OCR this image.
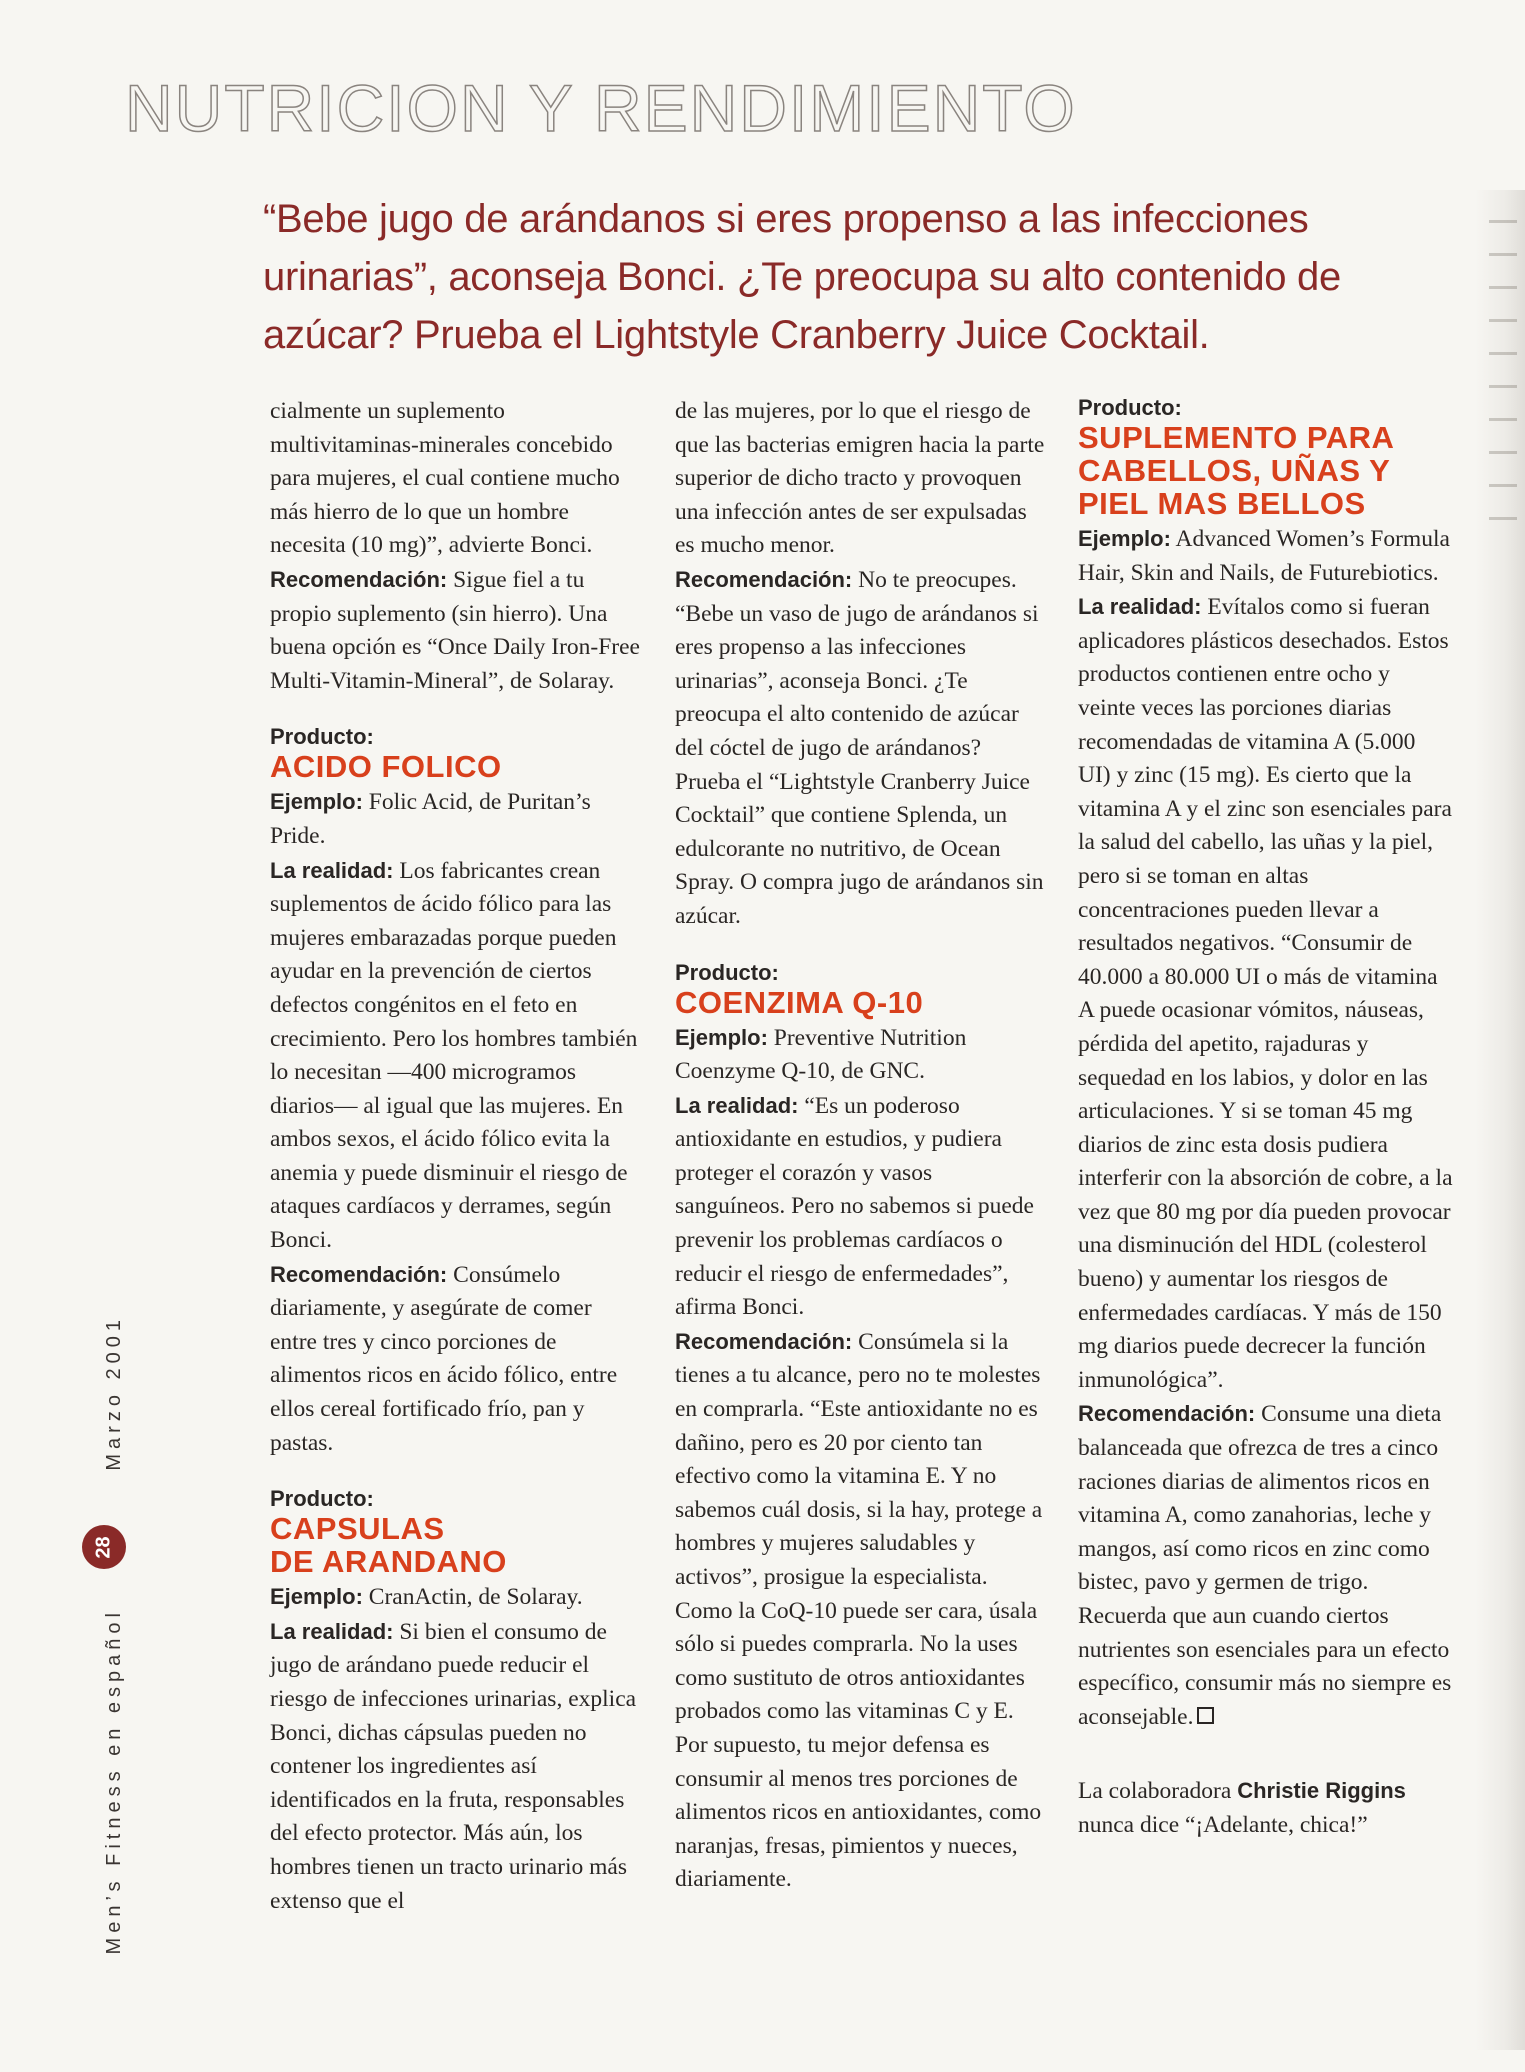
NUTRICION Y RENDIMIENTO
“Bebe jugo de arándanos si eres propenso a las infecciones urinarias”, aconseja Bonci. ¿Te preocupa su alto contenido de azúcar? Prueba el Lightstyle Cranberry Juice Cocktail.

cialmente un suplemento multivitaminas-minerales concebido para mujeres, el cual contiene mucho más hierro de lo que un hombre necesita (10 mg)”, advierte Bonci.

Recomendación: Sigue fiel a tu propio suplemento (sin hierro). Una buena opción es “Once Daily Iron-Free Multi-Vitamin-Mineral”, de Solaray.

Producto:

ACIDO FOLICO

Ejemplo: Folic Acid, de Puritan’s Pride.

La realidad: Los fabricantes crean suplementos de ácido fólico para las mujeres embarazadas porque pueden ayudar en la prevención de ciertos defectos congénitos en el feto en crecimiento. Pero los hombres también lo necesitan —400 microgramos diarios— al igual que las mujeres. En ambos sexos, el ácido fólico evita la anemia y puede disminuir el riesgo de ataques cardíacos y derrames, según Bonci.

Recomendación: Consúmelo diariamente, y asegúrate de comer entre tres y cinco porciones de alimentos ricos en ácido fólico, entre ellos cereal fortificado frío, pan y pastas.

Producto:

CAPSULAS
DE ARANDANO

Ejemplo: CranActin, de Solaray.

La realidad: Si bien el consumo de jugo de arándano puede reducir el riesgo de infecciones urinarias, explica Bonci, dichas cápsulas pueden no contener los ingredientes así identificados en la fruta, responsables del efecto protector. Más aún, los hombres tienen un tracto urinario más extenso que el

de las mujeres, por lo que el riesgo de que las bacterias emigren hacia la parte superior de dicho tracto y provoquen una infección antes de ser expulsadas es mucho menor.

Recomendación: No te preocupes. “Bebe un vaso de jugo de arándanos si eres propenso a las infecciones urinarias”, aconseja Bonci. ¿Te preocupa el alto contenido de azúcar del cóctel de jugo de arándanos? Prueba el “Lightstyle Cranberry Juice Cocktail” que contiene Splenda, un edulcorante no nutritivo, de Ocean Spray. O compra jugo de arándanos sin azúcar.

Producto:

COENZIMA Q-10

Ejemplo: Preventive Nutrition Coenzyme Q-10, de GNC.

La realidad: “Es un poderoso antioxidante en estudios, y pudiera proteger el corazón y vasos sanguíneos. Pero no sabemos si puede prevenir los problemas cardíacos o reducir el riesgo de enfermedades”, afirma Bonci.

Recomendación: Consúmela si la tienes a tu alcance, pero no te molestes en comprarla. “Este antioxidante no es dañino, pero es 20 por ciento tan efectivo como la vitamina E. Y no sabemos cuál dosis, si la hay, protege a hombres y mujeres saludables y activos”, prosigue la especialista. Como la CoQ-10 puede ser cara, úsala sólo si puedes comprarla. No la uses como sustituto de otros antioxidantes probados como las vitaminas C y E. Por supuesto, tu mejor defensa es consumir al menos tres porciones de alimentos ricos en antioxidantes, como naranjas, fresas, pimientos y nueces, diariamente.

Producto:

SUPLEMENTO PARA
CABELLOS, UÑAS Y
PIEL MAS BELLOS

Ejemplo: Advanced Women’s Formula Hair, Skin and Nails, de Futurebiotics.

La realidad: Evítalos como si fueran aplicadores plásticos desechados. Estos productos contienen entre ocho y veinte veces las porciones diarias recomendadas de vitamina A (5.000 UI) y zinc (15 mg). Es cierto que la vitamina A y el zinc son esenciales para la salud del cabello, las uñas y la piel, pero si se toman en altas concentraciones pueden llevar a resultados negativos. “Consumir de 40.000 a 80.000 UI o más de vitamina A puede ocasionar vómitos, náuseas, pérdida del apetito, rajaduras y sequedad en los labios, y dolor en las articulaciones. Y si se toman 45 mg diarios de zinc esta dosis pudiera interferir con la absorción de cobre, a la vez que 80 mg por día pueden provocar una disminución del HDL (colesterol bueno) y aumentar los riesgos de enfermedades cardíacas. Y más de 150 mg diarios puede decrecer la función inmunológica”.

Recomendación: Consume una dieta balanceada que ofrezca de tres a cinco raciones diarias de alimentos ricos en vitamina A, como zanahorias, leche y mangos, así como ricos en zinc como bistec, pavo y germen de trigo. Recuerda que aun cuando ciertos nutrientes son esenciales para un efecto específico, consumir más no siempre es aconsejable.

La colaboradora Christie Riggins
nunca dice “¡Adelante, chica!”

Marzo 2001
28
Men’s Fitness en español
